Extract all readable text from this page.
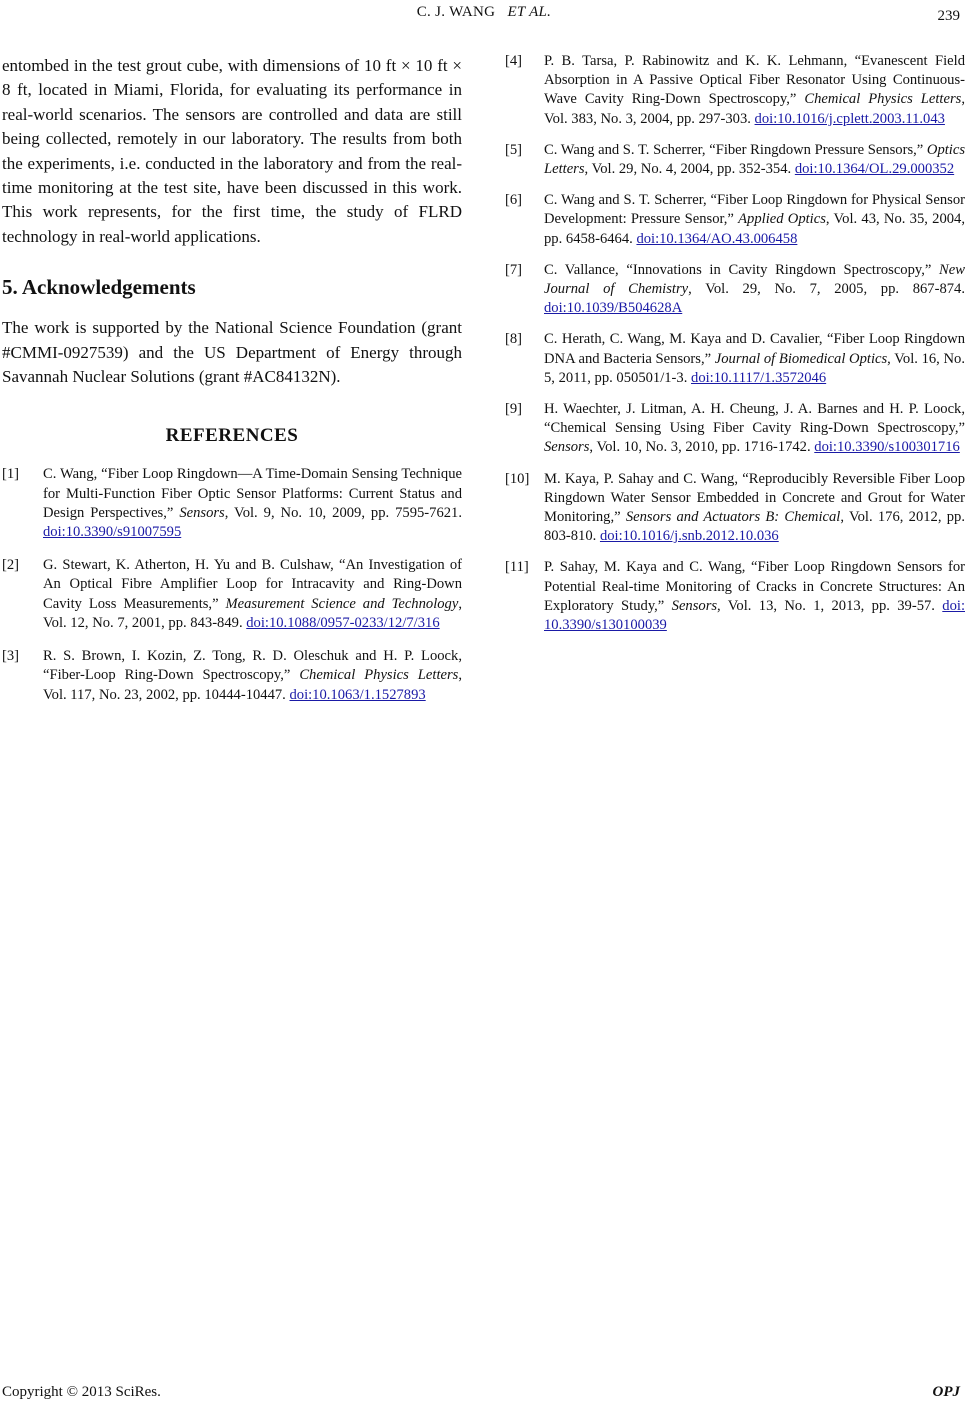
C. J. WANG ET AL.	239

entombed in the test grout cube, with dimensions of 10 ft × 10 ft × 8 ft, located in Miami, Florida, for evaluating its performance in real-world scenarios. The sensors are controlled and data are still being collected, remotely in our laboratory. The results from both the experiments, i.e. conducted in the laboratory and from the real-time monitoring at the test site, have been discussed in this work. This work represents, for the first time, the study of FLRD technology in real-world applications.

5. Acknowledgements

The work is supported by the National Science Foundation (grant #CMMI-0927539) and the US Department of Energy through Savannah Nuclear Solutions (grant #AC84132N).

REFERENCES
[1] C. Wang, “Fiber Loop Ringdown—A Time-Domain Sensing Technique for Multi-Function Fiber Optic Sensor Platforms: Current Status and Design Perspectives,” Sensors, Vol. 9, No. 10, 2009, pp. 7595-7621. doi:10.3390/s91007595
[2] G. Stewart, K. Atherton, H. Yu and B. Culshaw, “An Investigation of An Optical Fibre Amplifier Loop for Intracavity and Ring-Down Cavity Loss Measurements,” Measurement Science and Technology, Vol. 12, No. 7, 2001, pp. 843-849. doi:10.1088/0957-0233/12/7/316
[3] R. S. Brown, I. Kozin, Z. Tong, R. D. Oleschuk and H. P. Loock, “Fiber-Loop Ring-Down Spectroscopy,” Chemical Physics Letters, Vol. 117, No. 23, 2002, pp. 10444-10447. doi:10.1063/1.1527893
[4] P. B. Tarsa, P. Rabinowitz and K. K. Lehmann, “Evanescent Field Absorption in A Passive Optical Fiber Resonator Using Continuous-Wave Cavity Ring-Down Spectroscopy,” Chemical Physics Letters, Vol. 383, No. 3, 2004, pp. 297-303. doi:10.1016/j.cplett.2003.11.043
[5] C. Wang and S. T. Scherrer, “Fiber Ringdown Pressure Sensors,” Optics Letters, Vol. 29, No. 4, 2004, pp. 352-354. doi:10.1364/OL.29.000352
[6] C. Wang and S. T. Scherrer, “Fiber Loop Ringdown for Physical Sensor Development: Pressure Sensor,” Applied Optics, Vol. 43, No. 35, 2004, pp. 6458-6464. doi:10.1364/AO.43.006458
[7] C. Vallance, “Innovations in Cavity Ringdown Spectroscopy,” New Journal of Chemistry, Vol. 29, No. 7, 2005, pp. 867-874. doi:10.1039/B504628A
[8] C. Herath, C. Wang, M. Kaya and D. Cavalier, “Fiber Loop Ringdown DNA and Bacteria Sensors,” Journal of Biomedical Optics, Vol. 16, No. 5, 2011, pp. 050501/1-3. doi:10.1117/1.3572046
[9] H. Waechter, J. Litman, A. H. Cheung, J. A. Barnes and H. P. Loock, “Chemical Sensing Using Fiber Cavity Ring-Down Spectroscopy,” Sensors, Vol. 10, No. 3, 2010, pp. 1716-1742. doi:10.3390/s100301716
[10] M. Kaya, P. Sahay and C. Wang, “Reproducibly Reversible Fiber Loop Ringdown Water Sensor Embedded in Concrete and Grout for Water Monitoring,” Sensors and Actuators B: Chemical, Vol. 176, 2012, pp. 803-810. doi:10.1016/j.snb.2012.10.036
[11] P. Sahay, M. Kaya and C. Wang, “Fiber Loop Ringdown Sensors for Potential Real-time Monitoring of Cracks in Concrete Structures: An Exploratory Study,” Sensors, Vol. 13, No. 1, 2013, pp. 39-57. doi: 10.3390/s130100039
Copyright © 2013 SciRes.	OPJ
